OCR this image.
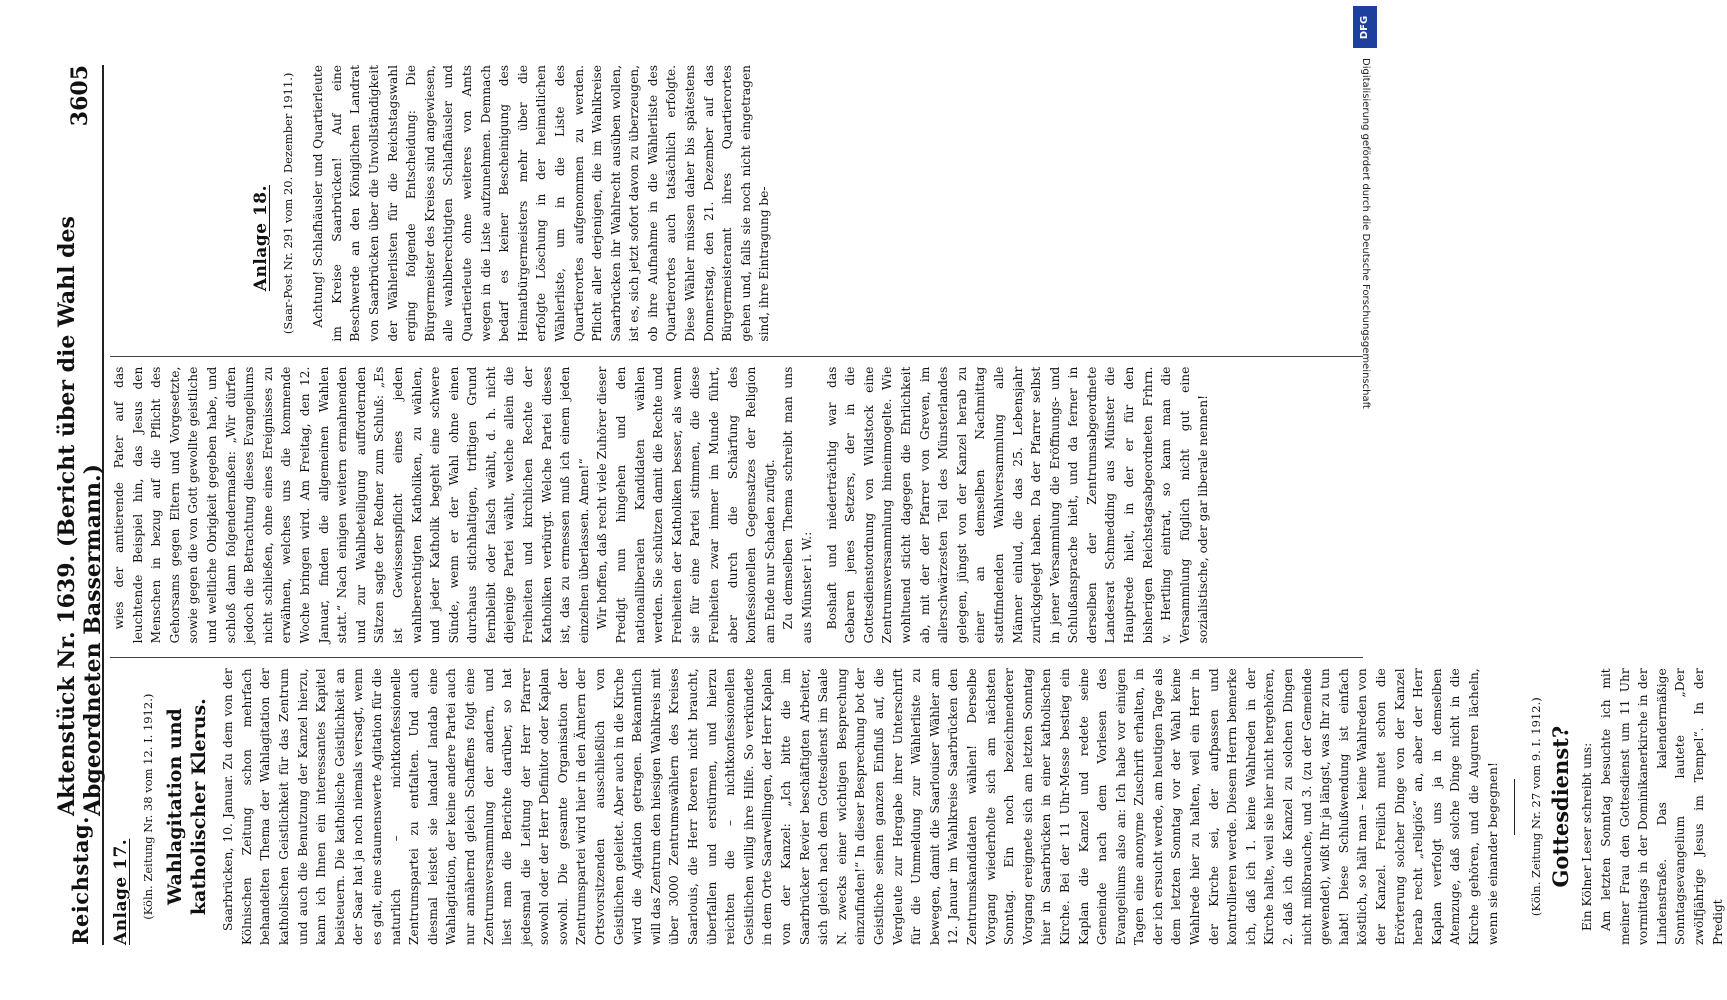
Reichstag.
Aktenstück Nr. 1639. (Bericht über die Wahl des Abgeordneten Bassermann.)
3605
Anlage 17. (Köln. Zeitung Nr. 38 vom 12. I. 1912.) Wahlagitation und katholischer Klerus. Saarbrücken, 10. Januar. Zu dem von der Kölnischen Zeitung schon mehrfach behandelten Thema der Wahlagitation der katholischen Geistlichkeit für das Zentrum und auch die Benutzung der Kanzel hierzu, kann ich Ihnen ein interessantes Kapitel beisteuern. Die katholische Geistlichkeit an der Saar hat ja noch niemals versagt, wenn es galt, eine staunenswerte Agitation für die naturlich – nichtkonfessionelle Zentrumspartei zu entfalten. Und auch diesmal leistet sie landauf landab eine Wahlagitation, der keine andere Partei auch nur annähernd gleich Schaffens folgt eine Zentrumsversammlung der andern, und liest man die Berichte darüber, so hat jedesmal die Leitung der Herr Pfarrer sowohl oder der Herr Definitor oder Kaplan sowohl. Die gesamte Organisation der Zentrumspartei wird hier in den Ämtern der Ortsvorsitzenden ausschließlich von Geistlichen geleitet. Aber auch in die Kirche wird die Agitation getragen. Bekanntlich will das Zentrum den hiesigen Wahlkreis mit über 3000 Zentrumswählern des Kreises Saarlouis, die Herr Roeren nicht braucht, überfallen und erstürmen, und hierzu reichten die – nichtkonfessionellen Geistlichen willig ihre Hilfe. So verkündete in dem Orte Saarwellingen, der Herr Kaplan von der Kanzel: „Ich bitte die im Saarbrücker Revier beschäftigten Arbeiter, sich gleich nach dem Gottesdienst im Saale N. zwecks einer wichtigen Besprechung einzufinden!“ In dieser Besprechung bot der Geistliche seinen ganzen Einfluß auf, die Vergleute zur Hergabe ihrer Unterschrift für die Ummeldung zur Wählerliste zu bewegen, damit die Saarlouiser Wähler am 12. Januar im Wahlkreise Saarbrücken den Zentrumskandidaten wählen! Derselbe Vorgang wiederholte sich am nächsten Sonntag. Ein noch bezeichnenderer Vorgang ereignete sich am letzten Sonntag hier in Saarbrücken in einer katholischen Kirche. Bei der 11 Uhr-Messe bestieg ein Kaplan die Kanzel und redete seine Gemeinde nach dem Vorlesen des Evangeliums also an: Ich habe vor einigen Tagen eine anonyme Zuschrift erhalten, in der ich ersucht werde, am heutigen Tage als dem letzten Sonntag vor der Wahl keine Wahlrede hier zu halten, weil ein Herr in der Kirche sei, der aufpassen und kontrollieren werde. Diesem Herrn bemerke ich, daß ich 1. keine Wahlreden in der Kirche halte, weil sie hier nicht hergehören, 2. daß ich die Kanzel zu solchen Dingen nicht mißbrauche, und 3. (zu der Gemeinde gewendet), wißt Ihr ja längst, was Ihr zu tun habt! Diese Schlußwendung ist einfach köstlich, so hält man – keine Wahlreden von der Kanzel. Freilich mutet schon die Erörterung solcher Dinge von der Kanzel herab recht „religiös“ an, aber der Herr Kaplan verfolgt uns ja in demselben Atemzuge, daß solche Dinge nicht in die Kirche gehören, und die Auguren lächeln, wenn sie einander begegnen!	(Köln. Zeitung Nr. 27 vom 9. I. 1912.) Gottesdienst? Ein Kölner Leser schreibt uns: Am letzten Sonntag besuchte ich mit meiner Frau den Gottesdienst um 11 Uhr vormittags in der Dominikanerkirche in der Lindenstraße. Das kalendermäßige Sonntagsevangelium lautete „Der zwölfjährige Jesus im Tempel“. In der Predigt

wies der amtierende Pater auf das leuchtende Beispiel hin, das Jesus den Menschen in bezug auf die Pflicht des Gehorsams gegen Eltern und Vorgesetzte, sowie gegen die von Gott gewollte geistliche und weltliche Obrigkeit gegeben habe, und schloß dann folgendermaßen: „Wir dürfen jedoch die Betrachtung dieses Evangeliums nicht schließen, ohne eines Ereignisses zu erwähnen, welches uns die kommende Woche bringen wird. Am Freitag, den 12. Januar, finden die allgemeinen Wahlen statt.“ Nach einigen weitern ermahnenden und zur Wahlbeteiligung auffordernden Sätzen sagte der Redner zum Schluß: „Es ist Gewissenspflicht eines jeden wahlberechtigten Katholiken, zu wählen, und jeder Katholik begeht eine schwere Sünde, wenn er der Wahl ohne einen durchaus stichhaltigen, triftigen Grund fernbleibt oder falsch wählt, d. h. nicht diejenige Partei wählt, welche allein die Freiheiten und kirchlichen Rechte der Katholiken verbürgt. Welche Partei dieses ist, das zu ermessen muß ich einem jeden einzelnen überlassen. Amen!“ Wir hoffen, daß recht viele Zuhörer dieser Predigt nun hingehen und den nationalliberalen Kandidaten wählen werden. Sie schützen damit die Rechte und Freiheiten der Katholiken besser, als wenn sie für eine Partei stimmen, die diese Freiheiten zwar immer im Munde führt, aber durch die Schärfung des konfessionellen Gegensatzes der Religion am Ende nur Schaden zufügt. Zu demselben Thema schreibt man uns aus Münster i. W.: Boshaft und niederträchtig war das Gebaren jenes Setzers, der in die Gottesdienstordnung von Wildstock eine Zentrumsversammlung hineinmogelte. Wie wohltuend sticht dagegen die Ehrlichkeit ab, mit der der Pfarrer von Greven, im allerschwärzesten Teil des Münsterlandes gelegen, jüngst von der Kanzel herab zu einer an demselben Nachmittag stattfindenden Wahlversammlung alle Männer einlud, die das 25. Lebensjahr zurückgelegt haben. Da der Pfarrer selbst in jener Versammlung die Eröffnungs- und Schlußansprache hielt, und da ferner in derselben der Zentrumsabgeordnete Landesrat Schmedding aus Münster die Hauptrede hielt, in der er für den bisherigen Reichstagsabgeordneten Frhrn. v. Hertling eintrat, so kann man die Versammlung füglich nicht gut eine sozialistische, oder gar liberale nennen!

Anlage 18. (Saar-Post Nr. 291 vom 20. Dezember 1911.) Achtung! Schlafhäusler und Quartierleute im Kreise Saarbrücken! Auf eine Beschwerde an den Königlichen Landrat von Saarbrücken über die Unvollständigkeit der Wählerlisten für die Reichstagswahl erging folgende Entscheidung: Die Bürgermeister des Kreises sind angewiesen, alle wahlberechtigten Schlafhäusler und Quartierleute ohne weiteres von Amts wegen in die Liste aufzunehmen. Demnach bedarf es keiner Bescheinigung des Heimatbürgermeisters mehr über die erfolgte Löschung in der heimatlichen Wählerliste, um in die Liste des Quartierortes aufgenommen zu werden. Pflicht aller derjenigen, die im Wahlkreise Saarbrücken ihr Wahlrecht ausüben wollen, ist es, sich jetzt sofort davon zu überzeugen, ob ihre Aufnahme in die Wählerliste des Quartierortes auch tatsächlich erfolgte. Diese Wähler müssen daher bis spätestens Donnerstag, den 21. Dezember auf das Bürgermeisteramt ihres Quartierortes gehen und, falls sie noch nicht eingetragen sind, ihre Eintragung be-

DFG
Digitalisierung gefördert durch die Deutsche Forschungsgemeinschaft
